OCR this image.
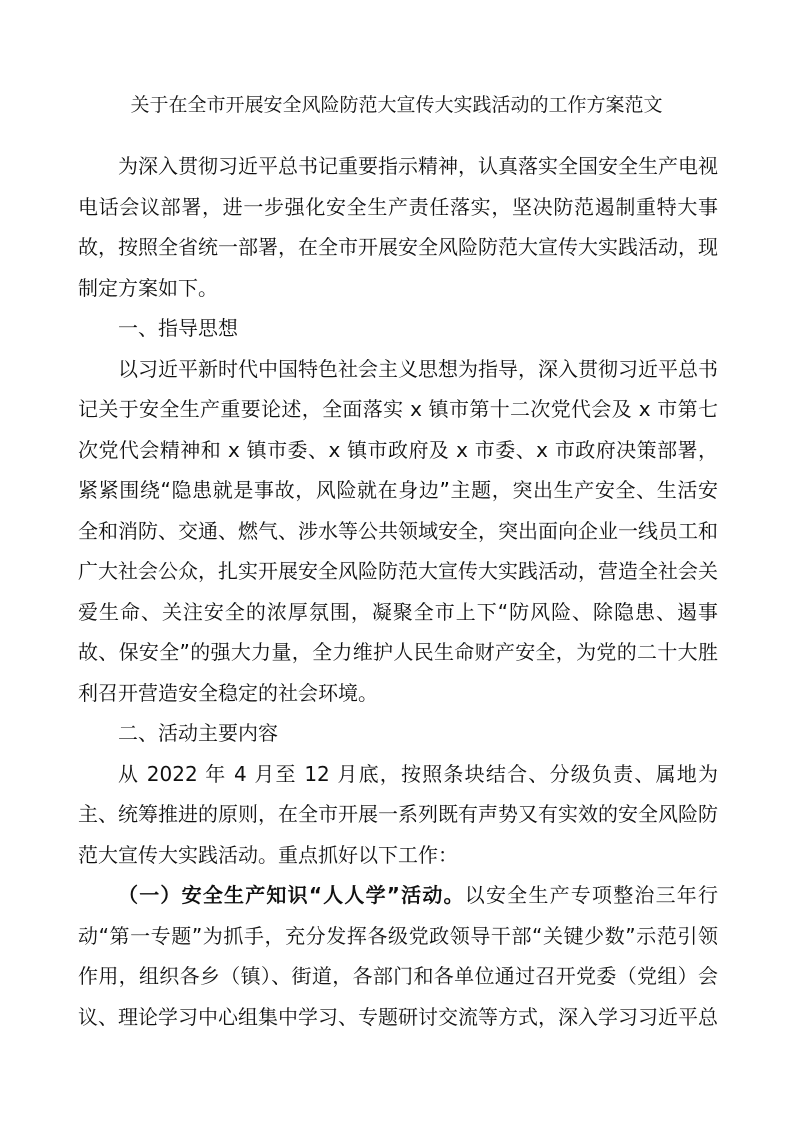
关于在全市开展安全风险防范大宣传大实践活动的工作方案范文

为深入贯彻习近平总书记重要指示精神，认真落实全国安全生产电视电话会议部署，进一步强化安全生产责任落实，坚决防范遏制重特大事故，按照全省统一部署，在全市开展安全风险防范大宣传大实践活动，现制定方案如下。

一、指导思想

以习近平新时代中国特色社会主义思想为指导，深入贯彻习近平总书记关于安全生产重要论述，全面落实 x 镇市第十二次党代会及 x 市第七次党代会精神和 x 镇市委、x 镇市政府及 x 市委、x 市政府决策部署，紧紧围绕“隐患就是事故，风险就在身边”主题，突出生产安全、生活安全和消防、交通、燃气、涉水等公共领域安全，突出面向企业一线员工和广大社会公众，扎实开展安全风险防范大宣传大实践活动，营造全社会关爱生命、关注安全的浓厚氛围，凝聚全市上下“防风险、除隐患、遏事故、保安全”的强大力量，全力维护人民生命财产安全，为党的二十大胜利召开营造安全稳定的社会环境。

二、活动主要内容

从 2022 年 4 月至 12 月底，按照条块结合、分级负责、属地为主、统筹推进的原则，在全市开展一系列既有声势又有实效的安全风险防范大宣传大实践活动。重点抓好以下工作：

（一）安全生产知识“人人学”活动。以安全生产专项整治三年行动“第一专题”为抓手，充分发挥各级党政领导干部“关键少数”示范引领作用，组织各乡（镇）、街道，各部门和各单位通过召开党委（党组）会议、理论学习中心组集中学习、专题研讨交流等方式，深入学习习近平总
